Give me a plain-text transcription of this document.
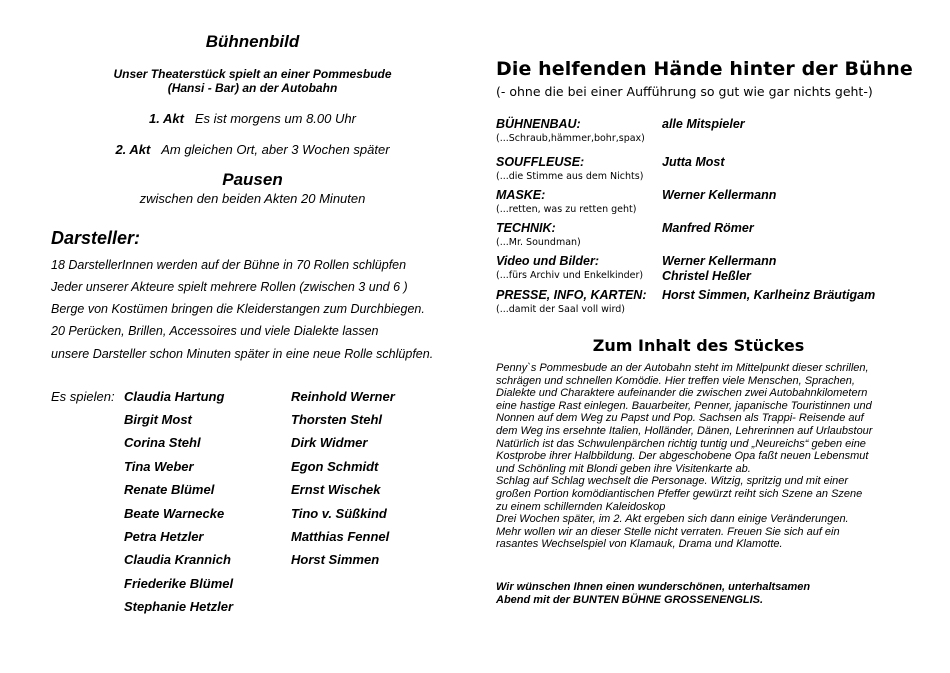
Bühnenbild
Unser Theaterstück spielt an einer Pommesbude
(Hansi - Bar) an der Autobahn
1. Akt Es ist morgens um 8.00 Uhr
2. Akt Am gleichen Ort, aber 3 Wochen später
Pausen
zwischen den beiden Akten 20 Minuten
Darsteller:
18 DarstellerInnen werden auf der Bühne in 70 Rollen schlüpfen
Jeder unserer Akteure spielt mehrere Rollen (zwischen 3 und 6 )
Berge von Kostümen bringen die Kleiderstangen zum Durchbiegen.
20 Perücken, Brillen, Accessoires und viele Dialekte lassen
unsere Darsteller schon Minuten später in eine neue Rolle schlüpfen.
Es spielen: Claudia Hartung
Birgit Most
Corina Stehl
Tina Weber
Renate Blümel
Beate Warnecke
Petra Hetzler
Claudia Krannich
Friederike Blümel
Stephanie Hetzler
Reinhold Werner
Thorsten Stehl
Dirk Widmer
Egon Schmidt
Ernst Wischek
Tino v. Süßkind
Matthias Fennel
Horst Simmen
Die helfenden Hände hinter der Bühne
(- ohne die bei einer Aufführung so gut wie gar nichts geht-)
BÜHNENBAU:
(...Schraub,hämmer,bohr,spax)
alle Mitspieler
SOUFFLEUSE:
(...die Stimme aus dem Nichts)
Jutta Most
MASKE:
(...retten, was zu retten geht)
Werner Kellermann
TECHNIK:
(...Mr. Soundman)
Manfred Römer
Video und Bilder:
(...fürs Archiv und Enkelkinder)
Werner Kellermann
Christel Heßler
PRESSE, INFO, KARTEN:
(...damit der Saal voll wird)
Horst Simmen, Karlheinz Bräutigam
Zum Inhalt des Stückes

Penny`s Pommesbude an der Autobahn steht im Mittelpunkt dieser schrillen,

schrägen und schnellen Komödie. Hier treffen viele Menschen, Sprachen,

Dialekte und Charaktere aufeinander die zwischen zwei Autobahnkilometern

eine hastige Rast einlegen. Bauarbeiter, Penner, japanische Touristinnen und

Nonnen auf dem Weg zu Papst und Pop. Sachsen als Trappi- Reisende auf

dem Weg ins ersehnte Italien, Holländer, Dänen, Lehrerinnen auf Urlaubstour

Natürlich ist das Schwulenpärchen richtig tuntig und „Neureichs“ geben eine

Kostprobe ihrer Halbbildung. Der abgeschobene Opa faßt neuen Lebensmut

und Schönling mit Blondi geben ihre Visitenkarte ab.

Schlag auf Schlag wechselt die Personage. Witzig, spritzig und mit einer

großen Portion komödiantischen Pfeffer gewürzt reiht sich Szene an Szene

zu einem schillernden Kaleidoskop

Drei Wochen später, im 2. Akt ergeben sich dann einige Veränderungen.

Mehr wollen wir an dieser Stelle nicht verraten. Freuen Sie sich auf ein

rasantes Wechselspiel von Klamauk, Drama und Klamotte.

Wir wünschen Ihnen einen wunderschönen, unterhaltsamen
Abend mit der BUNTEN BÜHNE GROSSENENGLIS.
